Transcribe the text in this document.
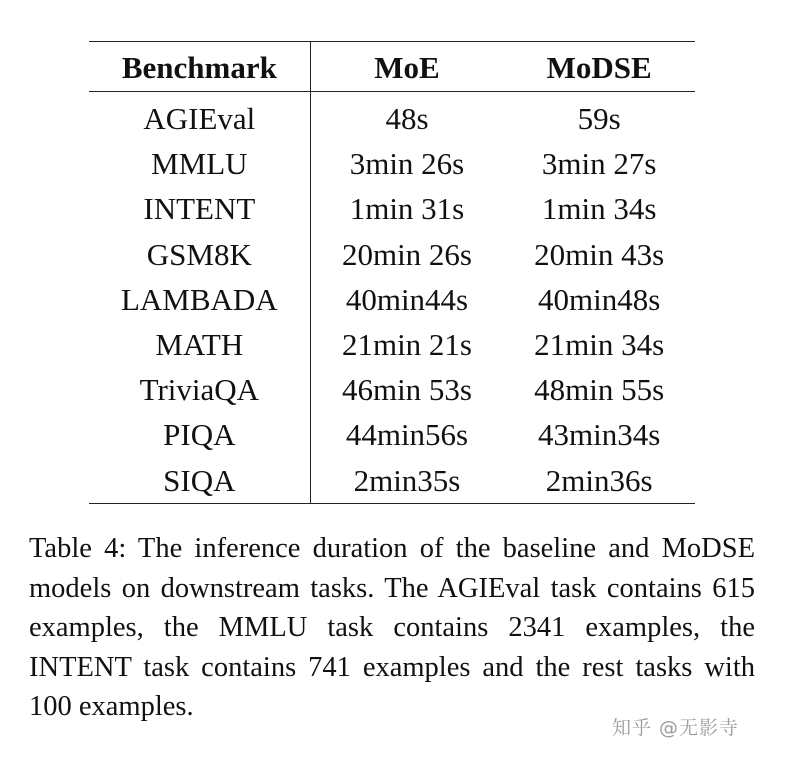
Benchmark	MoE	MoDSE
AGIEval	48s	59s
MMLU	3min 26s	3min 27s
INTENT	1min 31s	1min 34s
GSM8K	20min 26s	20min 43s
LAMBADA	40min44s	40min48s
MATH	21min 21s	21min 34s
TriviaQA	46min 53s	48min 55s
PIQA	44min56s	43min34s
SIQA	2min35s	2min36s

Table 4: The inference duration of the baseline and MoDSE models on downstream tasks. The AGIEval task contains 615 examples, the MMLU task contains 2341 examples, the INTENT task contains 741 examples and the rest tasks with 100 examples.

知乎 @无影寺
